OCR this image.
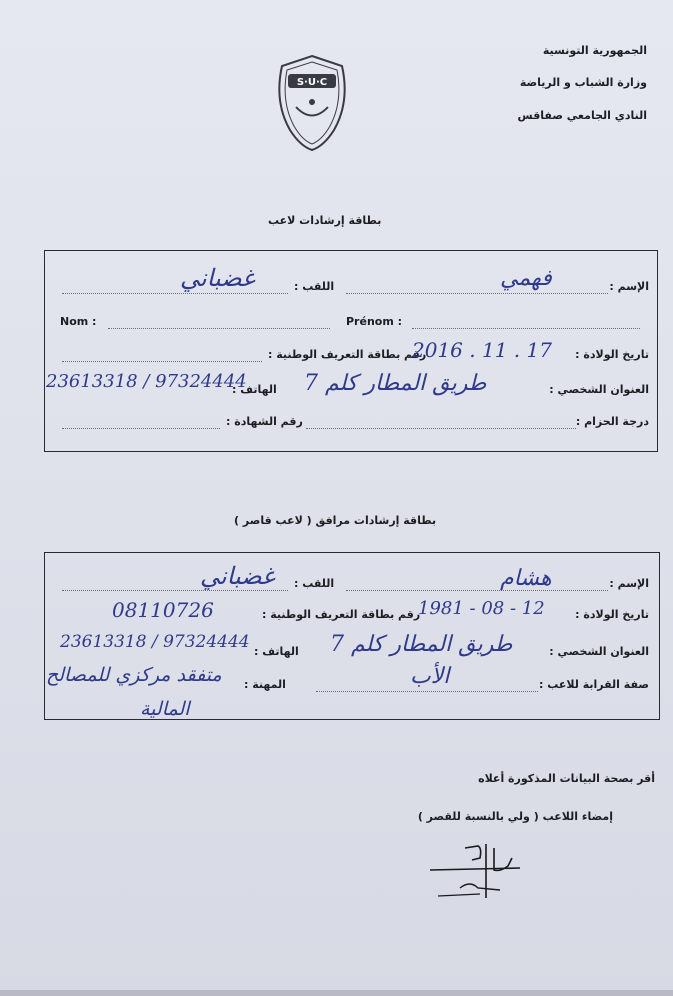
الجمهورية التونسية
وزارة الشباب و الرياضة
النادي الجامعي صفاقس
S·U·C
بطاقة إرشادات لاعب
الإسم :
فهمي
اللقب :
غضباني
Nom :	Prénom :
تاريخ الولادة :
رقم بطاقة التعريف الوطنية :
2016 . 11 . 17
العنوان الشخصي :
طريق المطار كلم 7
الهاتف :
23613318 / 97324444
درجة الحزام :
رقم الشهادة :
بطاقة إرشادات مرافق ( لاعب قاصر )
الإسم :
هشام
اللقب :
غضباني
تاريخ الولادة :
12 - 08 - 1981
رقم بطاقة التعريف الوطنية :
08110726
العنوان الشخصي :
طريق المطار كلم 7
الهاتف :
23613318 / 97324444
صفة القرابة للاعب :
الأب
المهنة :
متفقد مركزي للمصالح
المالية
أقر بصحة البيانات المذكورة أعلاه
إمضاء اللاعب ( ولي بالنسبة للقصر )
